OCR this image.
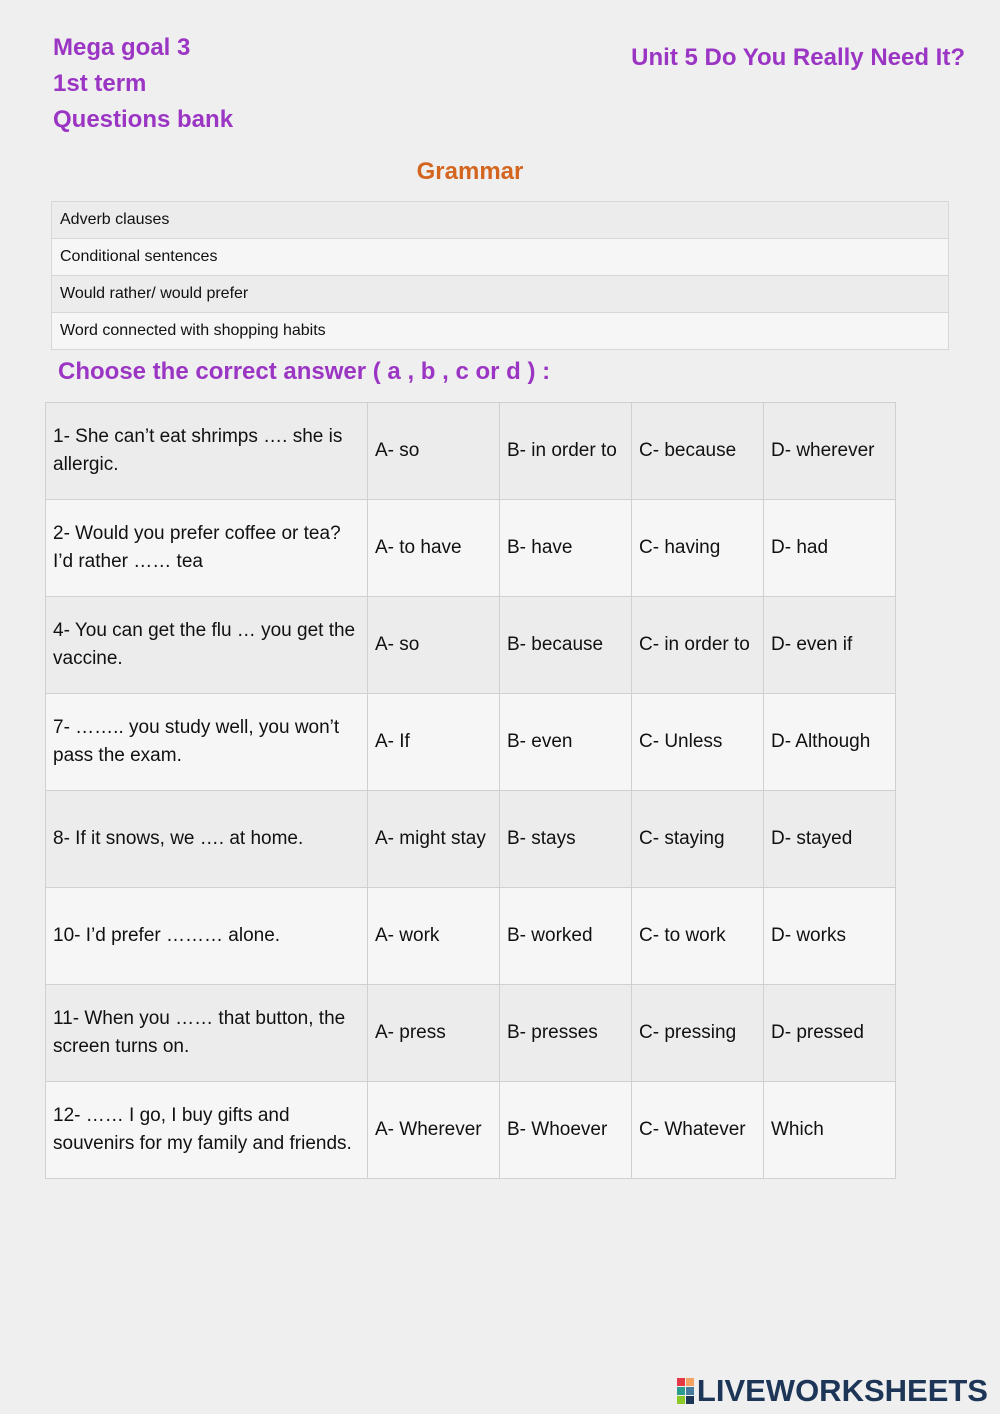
Mega goal 3
1st term
Questions bank
Unit 5 Do You Really Need It?
Grammar
Adverb clauses
Conditional sentences
Would rather/ would prefer
Word connected with shopping habits
Choose the correct answer ( a , b , c or d ) :
1- She can’t eat shrimps …. she is allergic.	A- so	B- in order to	C- because	D- wherever
2- Would you prefer coffee or tea? I’d rather …… tea	A- to have	B- have	C- having	D- had
4- You can get the flu … you get the vaccine.	A- so	B- because	C- in order to	D- even if
7- …….. you study well, you won’t pass the exam.	A- If	B- even	C- Unless	D- Although
8- If it snows, we …. at home.	A- might stay	B- stays	C- staying	D- stayed
10- I’d prefer ……… alone.	A- work	B- worked	C- to work	D- works
11- When you …… that button, the screen turns on.	A- press	B- presses	C- pressing	D- pressed
12- …… I go, I buy gifts and souvenirs for my family and friends.	A- Wherever	B- Whoever	C- Whatever	Which
LIVEWORKSHEETS
